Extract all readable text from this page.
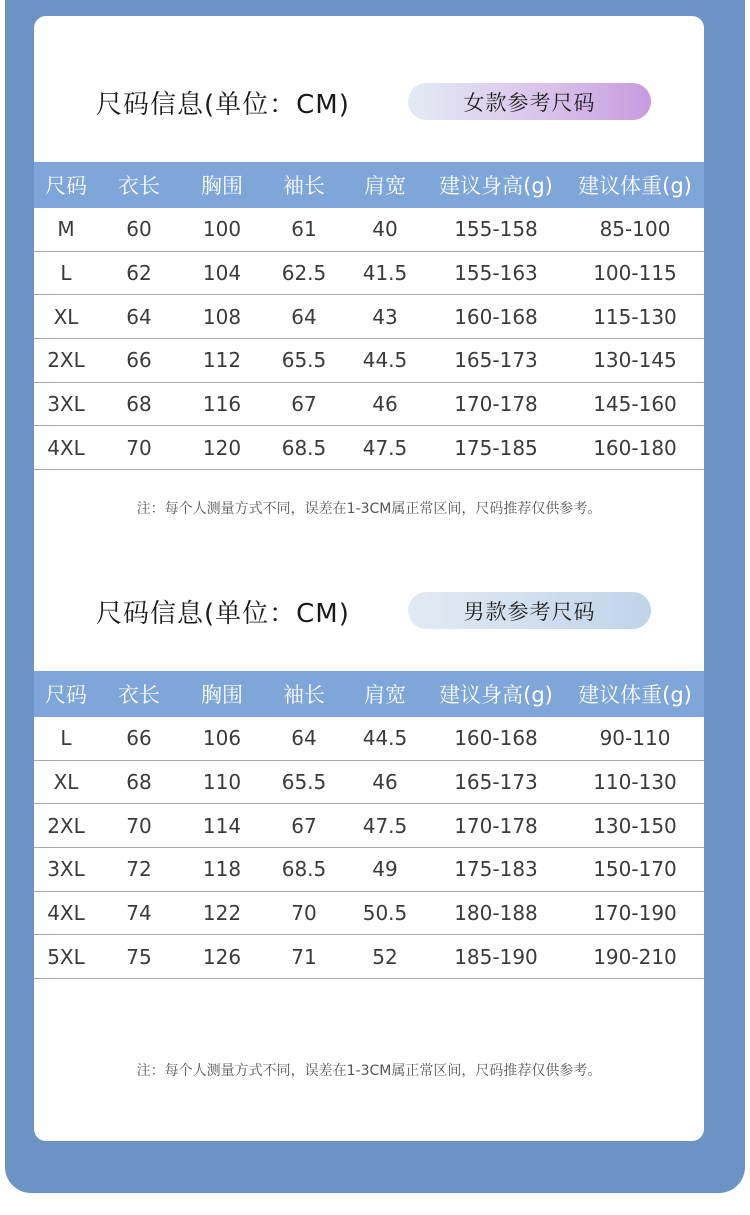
尺码信息(单位：CM)	女款参考尺码
尺码	衣长	胸围	袖长	肩宽	建议身高(g)	建议体重(g)
M	60	100	61	40	155-158	85-100
L	62	104	62.5	41.5	155-163	100-115
XL	64	108	64	43	160-168	115-130
2XL	66	112	65.5	44.5	165-173	130-145
3XL	68	116	67	46	170-178	145-160
4XL	70	120	68.5	47.5	175-185	160-180
注：每个人测量方式不同，误差在1-3CM属正常区间，尺码推荐仅供参考。
尺码信息(单位：CM)	男款参考尺码
尺码	衣长	胸围	袖长	肩宽	建议身高(g)	建议体重(g)
L	66	106	64	44.5	160-168	90-110
XL	68	110	65.5	46	165-173	110-130
2XL	70	114	67	47.5	170-178	130-150
3XL	72	118	68.5	49	175-183	150-170
4XL	74	122	70	50.5	180-188	170-190
5XL	75	126	71	52	185-190	190-210
注：每个人测量方式不同，误差在1-3CM属正常区间，尺码推荐仅供参考。
